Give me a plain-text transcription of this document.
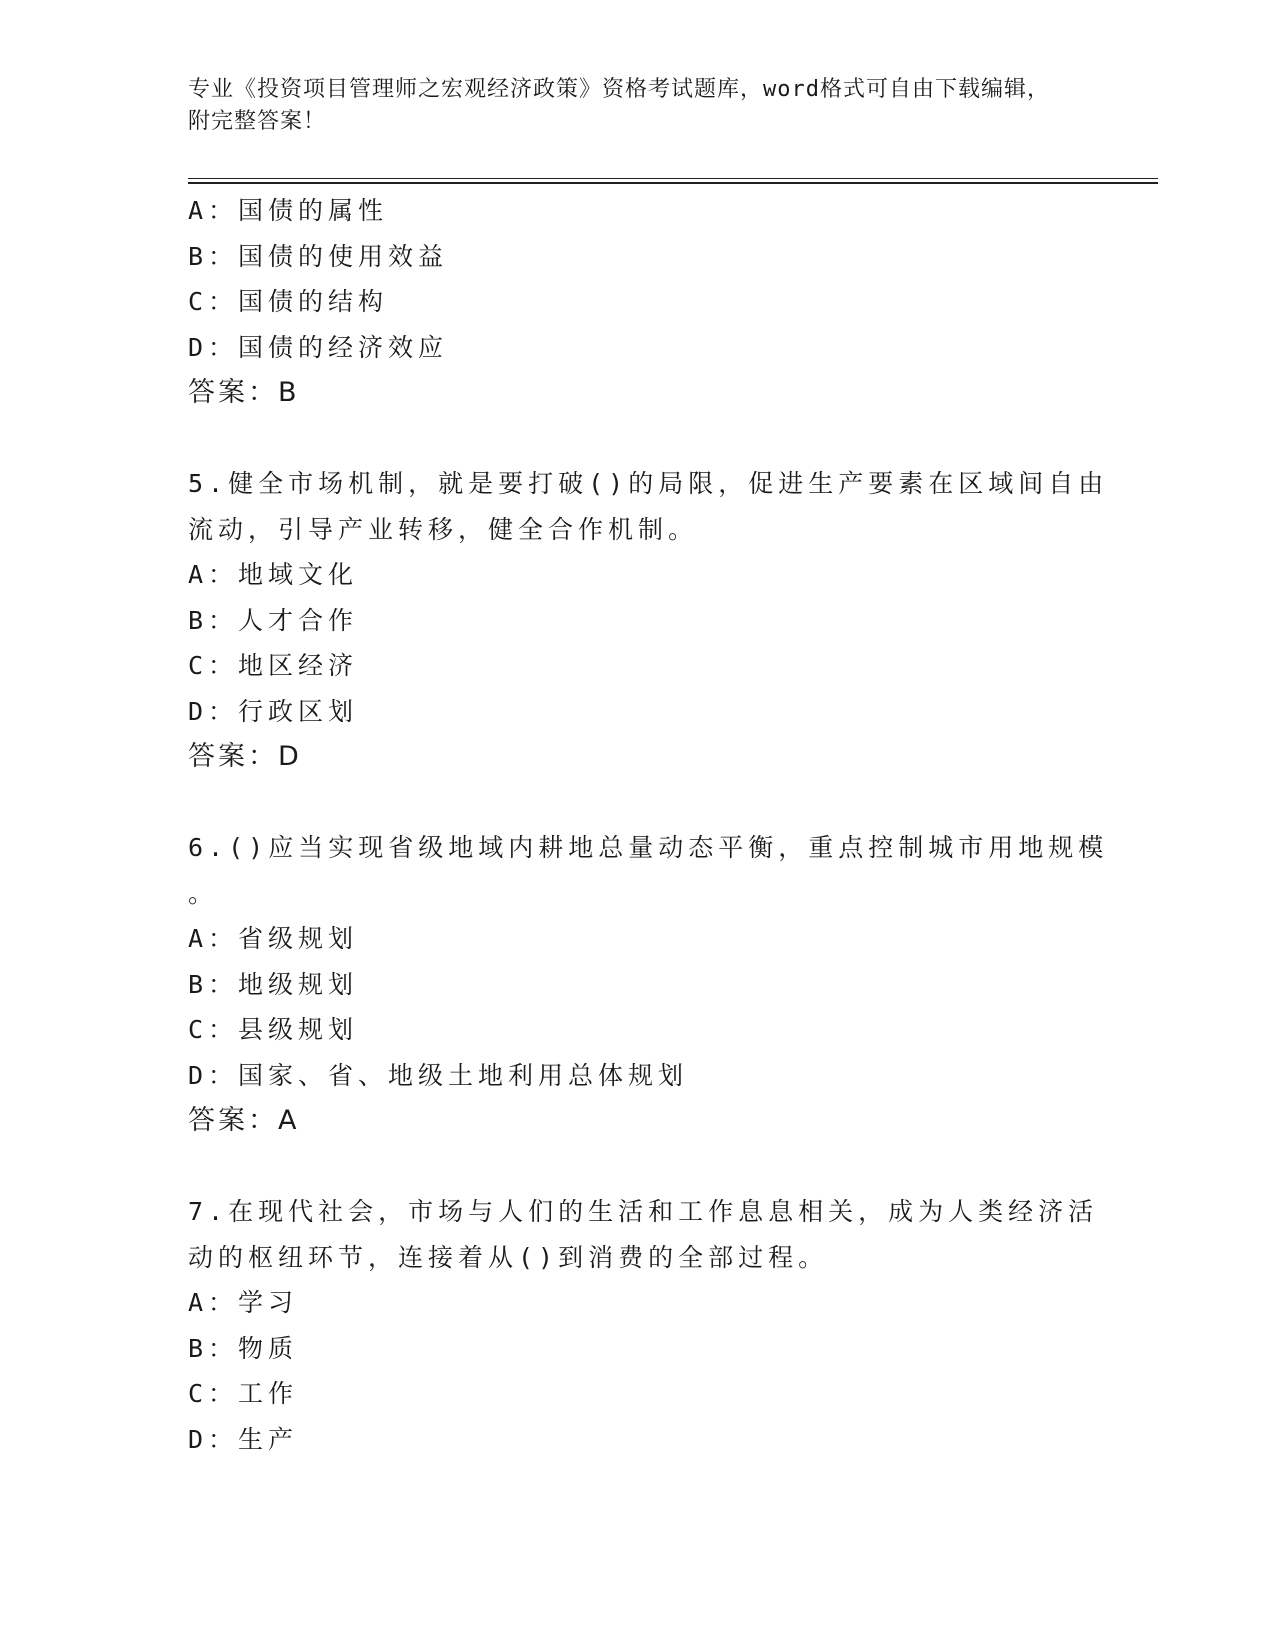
专业《投资项目管理师之宏观经济政策》资格考试题库，word格式可自由下载编辑，附完整答案！
A：国债的属性
B：国债的使用效益
C：国债的结构
D：国债的经济效应
答案：B
5.健全市场机制，就是要打破()的局限，促进生产要素在区域间自由
流动，引导产业转移，健全合作机制。
A：地域文化
B：人才合作
C：地区经济
D：行政区划
答案：D
6.()应当实现省级地域内耕地总量动态平衡，重点控制城市用地规模
。
A：省级规划
B：地级规划
C：县级规划
D：国家、省、地级土地利用总体规划
答案：A
7.在现代社会，市场与人们的生活和工作息息相关，成为人类经济活
动的枢纽环节，连接着从()到消费的全部过程。
A：学习
B：物质
C：工作
D：生产
